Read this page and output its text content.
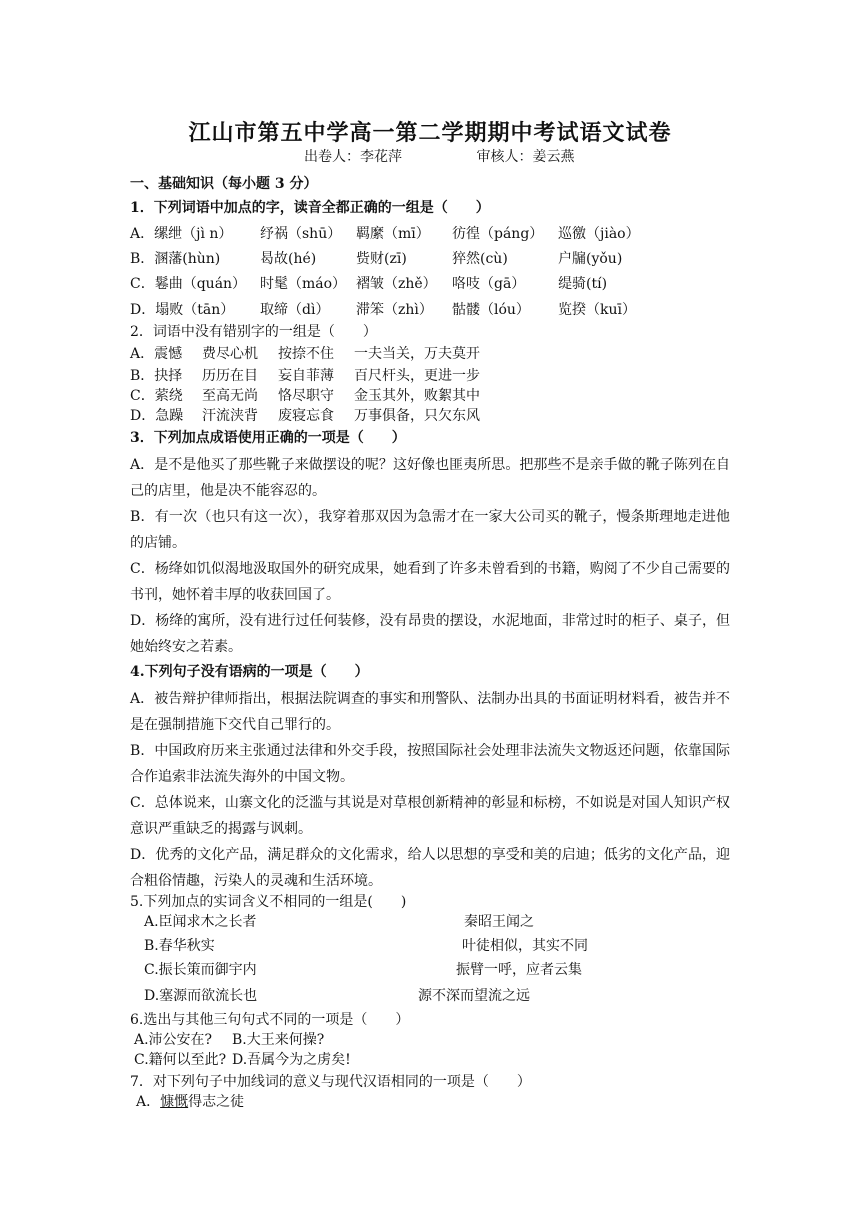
江山市第五中学高一第二学期期中考试语文试卷
出卷人：李花萍	审核人：姜云燕
一、基础知识（每小题 3 分）
1．下列词语中加点的字，读音全都正确的一组是（　　）
A．缧绁（jì n） 纾祸（shū） 羁縻（mī） 彷徨（páng） 巡徼（jiào）
B．溷藩(hùn)	曷故(hé)	赀财(zī)	猝然(cù)	户牖(yǒu)
C．鬈曲（quán） 时髦（máo） 褶皱（zhě） 咯吱（gā） 缇骑(tí)
D．塌败（tān） 取缔（dì） 滞笨（zhì） 骷髅（lóu） 览揆（kuī）
2．词语中没有错别字的一组是（　　）
A．震憾 费尽心机 按捺不住 一夫当关，万夫莫开
B．抉择 历历在目 妄自菲薄 百尺杆头，更进一步
C．萦绕 至高无尚 恪尽职守 金玉其外，败絮其中
D．急躁 汗流浃背 废寝忘食 万事俱备，只欠东风
3．下列加点成语使用正确的一项是（　　）
A．是不是他买了那些靴子来做摆设的呢？这好像也匪夷所思。把那些不是亲手做的靴子陈列在自己的店里，他是决不能容忍的。
B．有一次（也只有这一次），我穿着那双因为急需才在一家大公司买的靴子，慢条斯理地走进他的店铺。
C．杨绛如饥似渴地汲取国外的研究成果，她看到了许多未曾看到的书籍，购阅了不少自己需要的书刊，她怀着丰厚的收获回国了。
D．杨绛的寓所，没有进行过任何装修，没有昂贵的摆设，水泥地面，非常过时的柜子、桌子，但她始终安之若素。
4.下列句子没有语病的一项是（　　）
A．被告辩护律师指出，根据法院调查的事实和刑警队、法制办出具的书面证明材料看，被告并不是在强制措施下交代自己罪行的。
B．中国政府历来主张通过法律和外交手段，按照国际社会处理非法流失文物返还问题，依靠国际合作追索非法流失海外的中国文物。
C．总体说来，山寨文化的泛滥与其说是对草根创新精神的彰显和标榜，不如说是对国人知识产权意识严重缺乏的揭露与讽刺。
D．优秀的文化产品，满足群众的文化需求，给人以思想的享受和美的启迪；低劣的文化产品，迎合粗俗情趣，污染人的灵魂和生活环境。
5.下列加点的实词含义不相同的一组是(　　)
A.臣闻求木之长者	秦昭王闻之
B.春华秋实	叶徒相似，其实不同
C.振长策而御宇内	振臂一呼，应者云集
D.塞源而欲流长也	源不深而望流之远
6.选出与其他三句句式不同的一项是（　　）
A.沛公安在? B.大王来何操?
C.籍何以至此? D.吾属今为之虏矣!
7．对下列句子中加线词的意义与现代汉语相同的一项是（　　）
A．慷慨得志之徒
